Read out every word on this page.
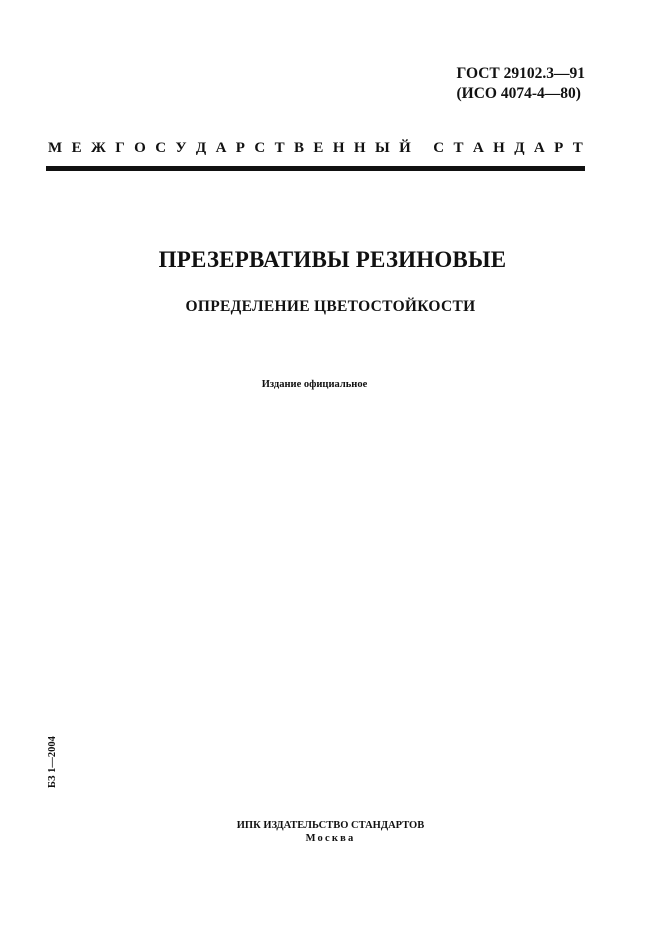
ГОСТ 29102.3—91
(ИСО 4074-4—80)
М Е Ж Г О С У Д А Р С Т В Е Н Н Ы Й
С Т А Н Д А Р Т
ПРЕЗЕРВАТИВЫ РЕЗИНОВЫЕ
ОПРЕДЕЛЕНИЕ ЦВЕТОСТОЙКОСТИ
Издание официальное
БЗ 1—2004
ИПК ИЗДАТЕЛЬСТВО СТАНДАРТОВ
Москва
